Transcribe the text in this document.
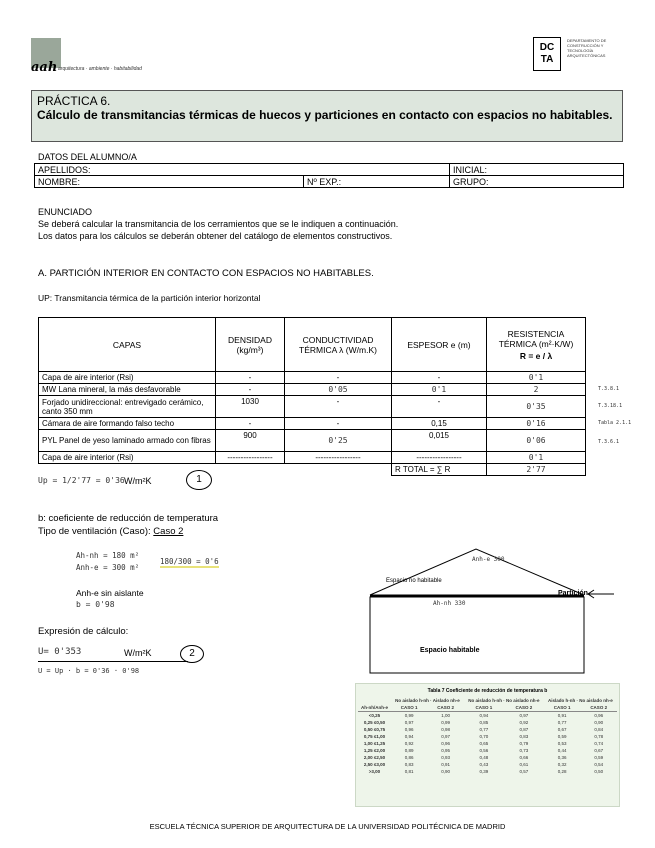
aah arquitectura · ambiente · habitabilidad
DC
TA
DEPARTAMENTO DE CONSTRUCCIÓN Y TECNOLOGÍA ARQUITECTÓNICAS
PRÁCTICA 6.
Cálculo de transmitancias térmicas de huecos y particiones en contacto con espacios no habitables.
DATOS DEL ALUMNO/A
APELLIDOS:		INICIAL:
NOMBRE:	Nº EXP.:	GRUPO:
ENUNCIADO
Se deberá calcular la transmitancia de los cerramientos que se le indiquen a continuación.
Los datos para los cálculos se deberán obtener del catálogo de elementos constructivos.
A. PARTICIÓN INTERIOR EN CONTACTO CON ESPACIOS NO HABITABLES.
UP: Transmitancia térmica de la partición interior horizontal
CAPAS	DENSIDAD (kg/m³)	CONDUCTIVIDAD TÉRMICA λ (W/m.K)	ESPESOR e (m)	RESISTENCIA TÉRMICA (m²·K/W)
R = e / λ

Capa de aire interior (Rsi)	-	-	-	0'1
MW Lana mineral, la más desfavorable	-	0'05	0'1	2
Forjado unidireccional: entrevigado cerámico, canto 350 mm	1030	-	-	0'35
Cámara de aire formando falso techo	-	-	0,15	0'16
PYL Panel de yeso laminado armado con fibras	900	0'25	0,015	0'06
Capa de aire interior (Rsi)	-----------------	-----------------	-----------------	0'1
			R TOTAL = ∑ R	2'77
T.3.8.1
T.3.18.1
Tabla 2.1.1
T.3.6.1
Up = 1/2'77 = 0'36 W/m²K	1
b: coeficiente de reducción de temperatura
Tipo de ventilación (Caso): Caso 2
Ah-nh = 180 m²
Anh-e = 300 m²
180/300 = 0'6
Anh-e sin aislante
b = 0'98
Anh-e 300
Espacio no habitable
Ah-nh 330
Espacio habitable
Partición
Expresión de cálculo:
U= 0'353	W/m²K	2
U = Up · b = 0'36 · 0'98
Tabla 7 Coeficiente de reducción de temperatura b
	No aislado h-nh · Aislado nh-e		No aislado h-nh · No aislado nh-e		Aislado h-nh · No aislado nh-e	
Ah-nh/Anh-e	CASO 1	CASO 2	CASO 1	CASO 2	CASO 1	CASO 2
<0,25	0,99	1,00	0,94	0,97	0,91	0,96
0,25 ≤0,50	0,97	0,99	0,85	0,92	0,77	0,90
0,50 ≤0,75	0,96	0,98	0,77	0,87	0,67	0,84
0,75 ≤1,00	0,94	0,97	0,70	0,83	0,59	0,78
1,00 ≤1,25	0,92	0,96	0,65	0,79	0,53	0,74
1,25 ≤2,00	0,89	0,95	0,56	0,73	0,44	0,67
2,00 ≤2,50	0,86	0,93	0,48	0,66	0,36	0,59
2,50 ≤3,00	0,83	0,91	0,43	0,61	0,32	0,54
>3,00	0,81	0,90	0,39	0,57	0,28	0,50
ESCUELA TÉCNICA SUPERIOR DE ARQUITECTURA DE LA UNIVERSIDAD POLITÉCNICA DE MADRID
